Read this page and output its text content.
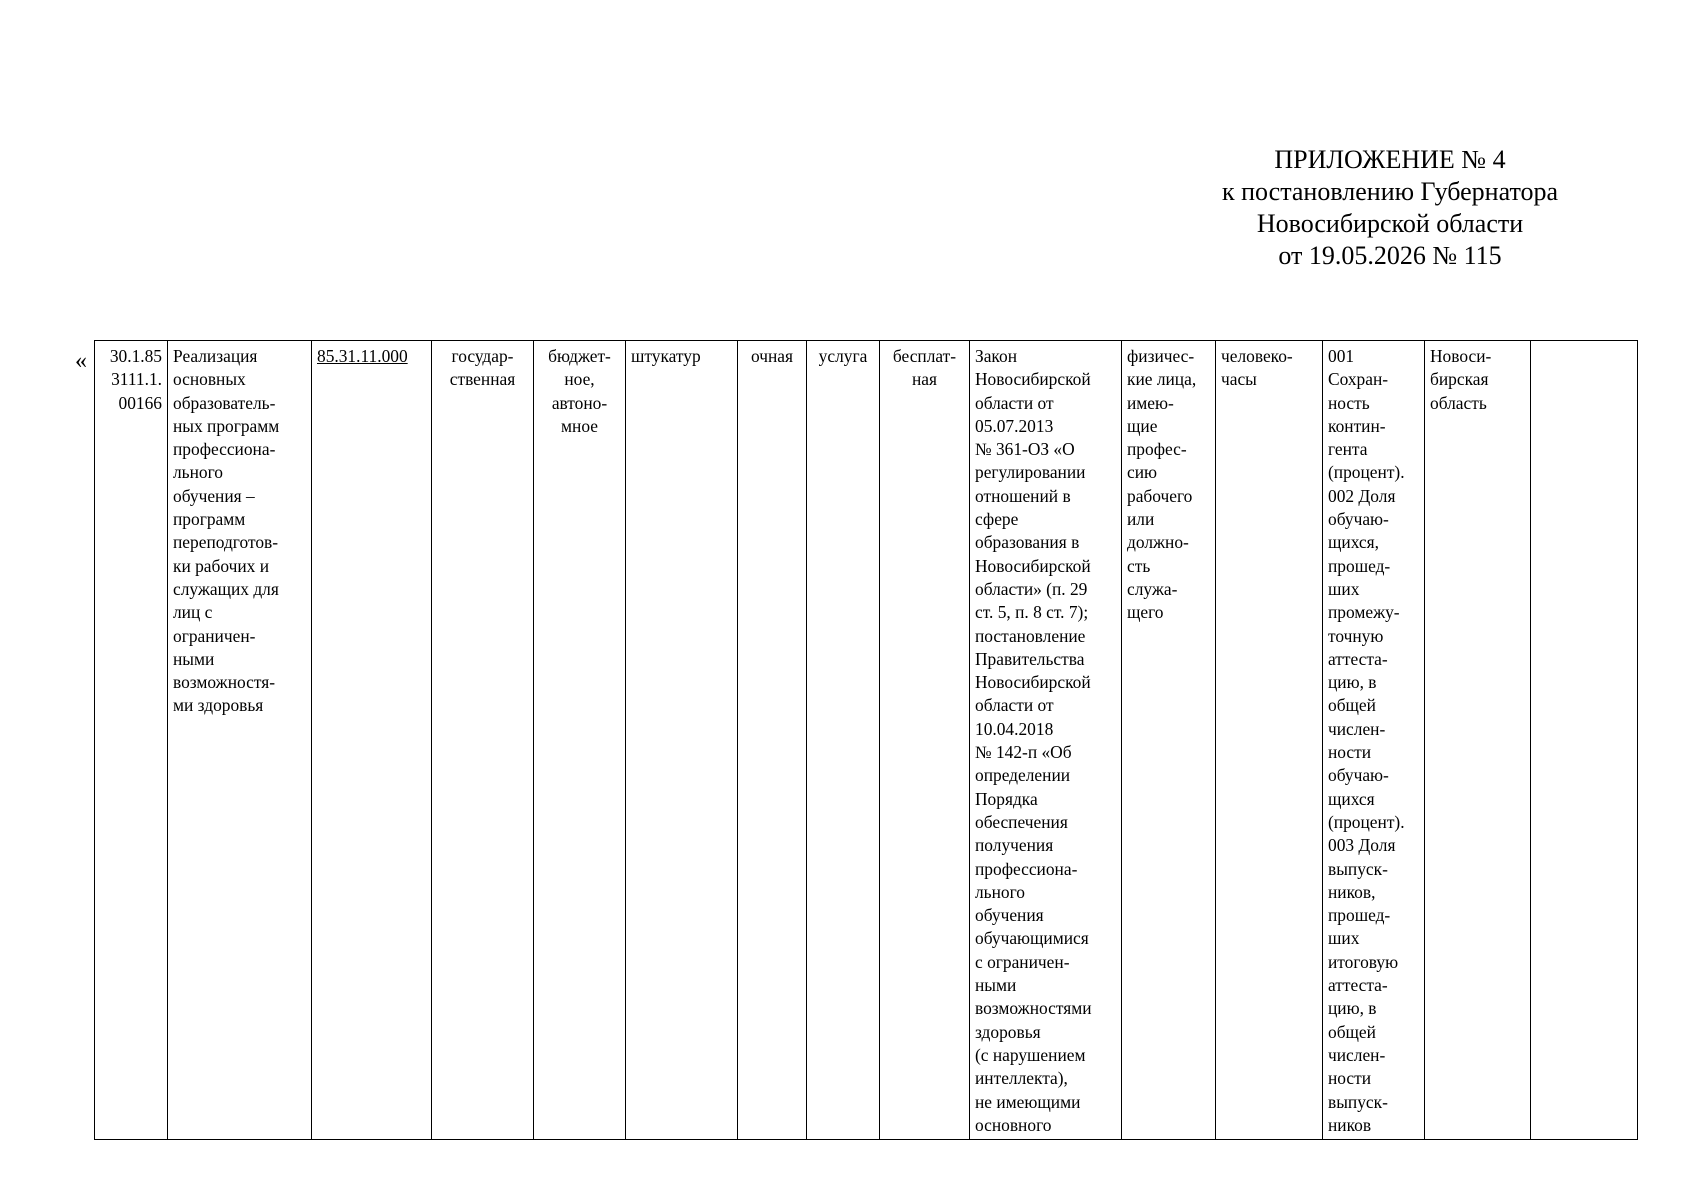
ПРИЛОЖЕНИЕ № 4
к постановлению Губернатора
Новосибирской области
от 19.05.2026 № 115
« 30.1.85
3111.1.
00166	Реализация
основных
образователь-
ных программ
профессиона-
льного
обучения –
программ
переподготов-
ки рабочих и
служащих для
лиц с
ограничен-
ными
возможностя-
ми здоровья	85.31.11.000	государ-
ственная	бюджет-
ное,
автоно-
мное	штукатур	очная	услуга	бесплат-
ная	Закон
Новосибирской
области от
05.07.2013
№ 361-ОЗ «О
регулировании
отношений в
сфере
образования в
Новосибирской
области» (п. 29
ст. 5, п. 8 ст. 7);
постановление
Правительства
Новосибирской
области от
10.04.2018
№ 142-п «Об
определении
Порядка
обеспечения
получения
профессиона-
льного
обучения
обучающимися
с ограничен-
ными
возможностями
здоровья
(с нарушением
интеллекта),
не имеющими
основного	физичес-
кие лица,
имею-
щие
профес-
сию
рабочего
или
должно-
сть
служа-
щего	человеко-
часы	001
Сохран-
ность
контин-
гента
(процент).
002 Доля
обучаю-
щихся,
прошед-
ших
промежу-
точную
аттеста-
цию, в
общей
числен-
ности
обучаю-
щихся
(процент).
003 Доля
выпуск-
ников,
прошед-
ших
итоговую
аттеста-
цию, в
общей
числен-
ности
выпуск-
ников	Новоси-
бирская
область	
